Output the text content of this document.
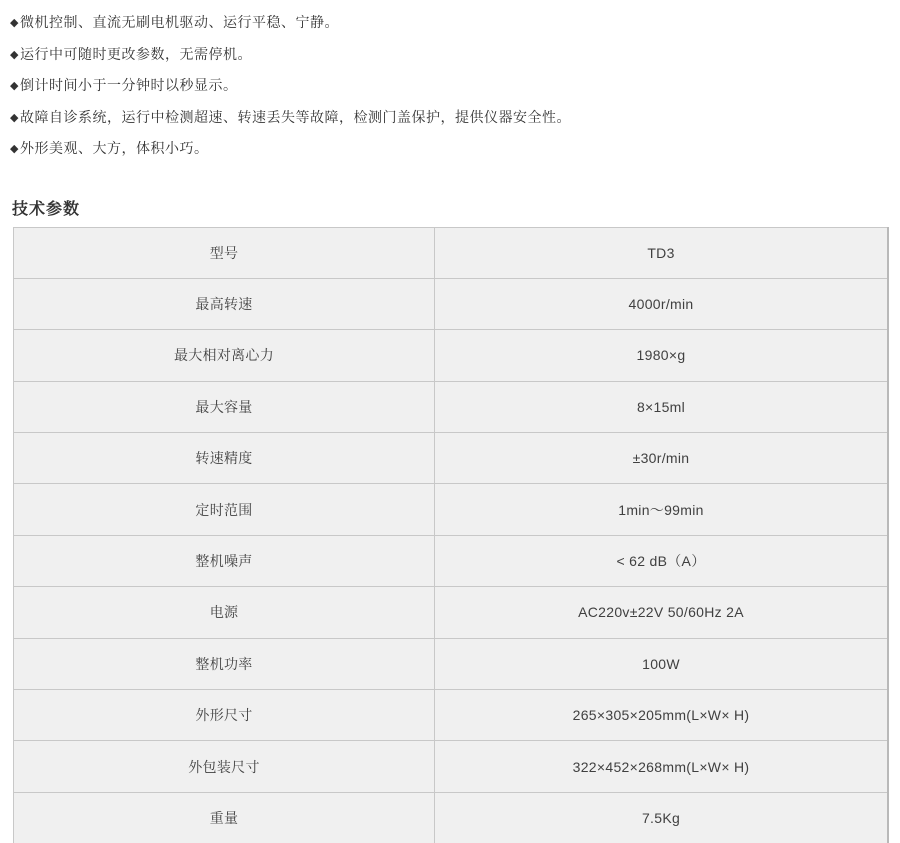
◆微机控制、直流无刷电机驱动、运行平稳、宁静。
◆运行中可随时更改参数，无需停机。
◆倒计时间小于一分钟时以秒显示。
◆故障自诊系统，运行中检测超速、转速丢失等故障，检测门盖保护，提供仪器安全性。
◆外形美观、大方，体积小巧。
技术参数
型号	TD3
最高转速	4000r/min
最大相对离心力	1980×g
最大容量	8×15ml
转速精度	±30r/min
定时范围	1min～99min
整机噪声	< 62 dB（A）
电源	AC220v±22V 50/60Hz 2A
整机功率	100W
外形尺寸	265×305×205mm(L×W× H)
外包装尺寸	322×452×268mm(L×W× H)
重量	7.5Kg
